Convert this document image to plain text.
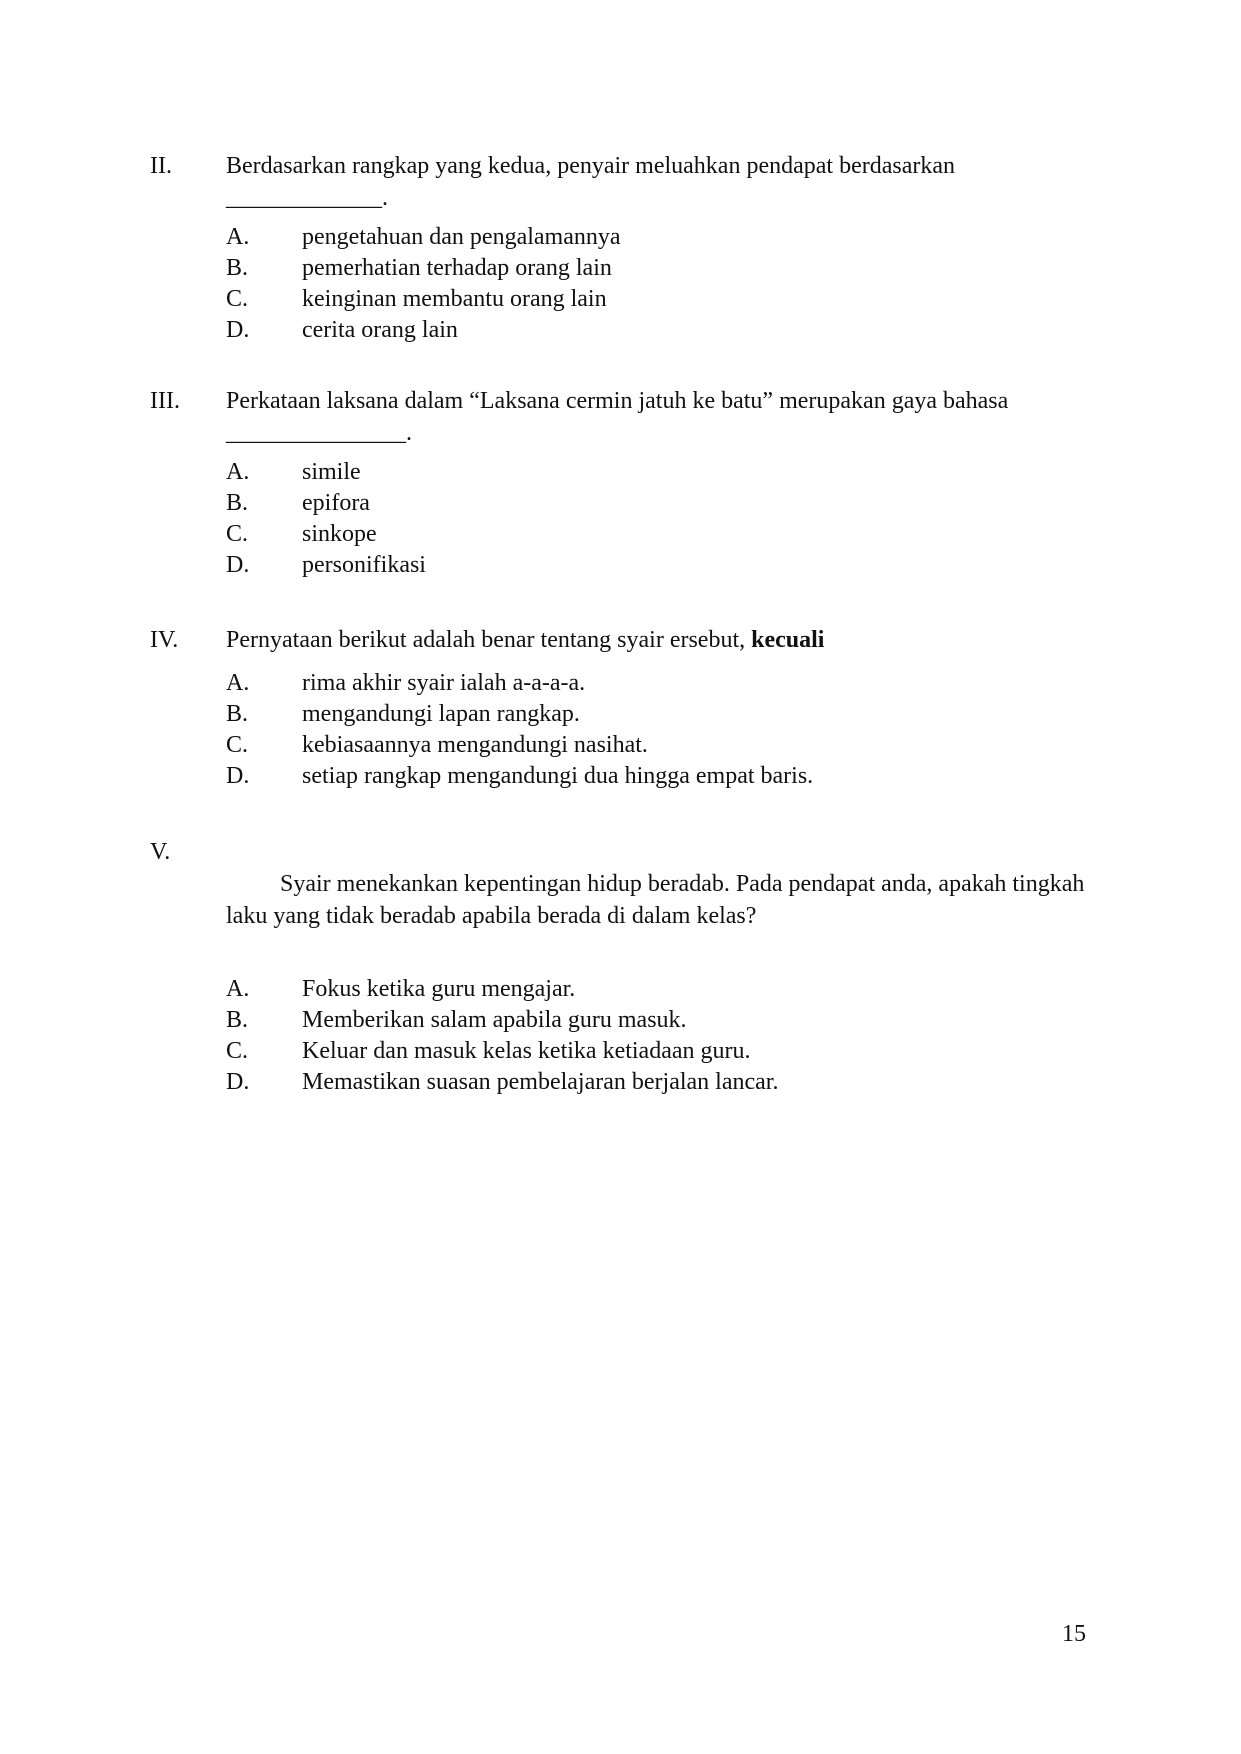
II.	Berdasarkan rangkap yang kedua, penyair meluahkan pendapat berdasarkan
_____________.
A.	pengetahuan dan pengalamannya
B.	pemerhatian terhadap orang lain
C.	keinginan membantu orang lain
D.	cerita orang lain
III.	Perkataan laksana dalam “Laksana cermin jatuh ke batu” merupakan gaya bahasa
_______________.
A.	simile
B.	epifora
C.	sinkope
D.	personifikasi
IV.	Pernyataan berikut adalah benar tentang syair ersebut, kecuali
A.	rima akhir syair ialah a-a-a-a.
B.	mengandungi lapan rangkap.
C.	kebiasaannya mengandungi nasihat.
D.	setiap rangkap mengandungi dua hingga empat baris.
V.

Syair menekankan kepentingan hidup beradab. Pada pendapat anda, apakah tingkah laku yang tidak beradab apabila berada di dalam kelas?

A.	Fokus ketika guru mengajar.
B.	Memberikan salam apabila guru masuk.
C.	Keluar dan masuk kelas ketika ketiadaan guru.
D.	Memastikan suasan pembelajaran berjalan lancar.
15
